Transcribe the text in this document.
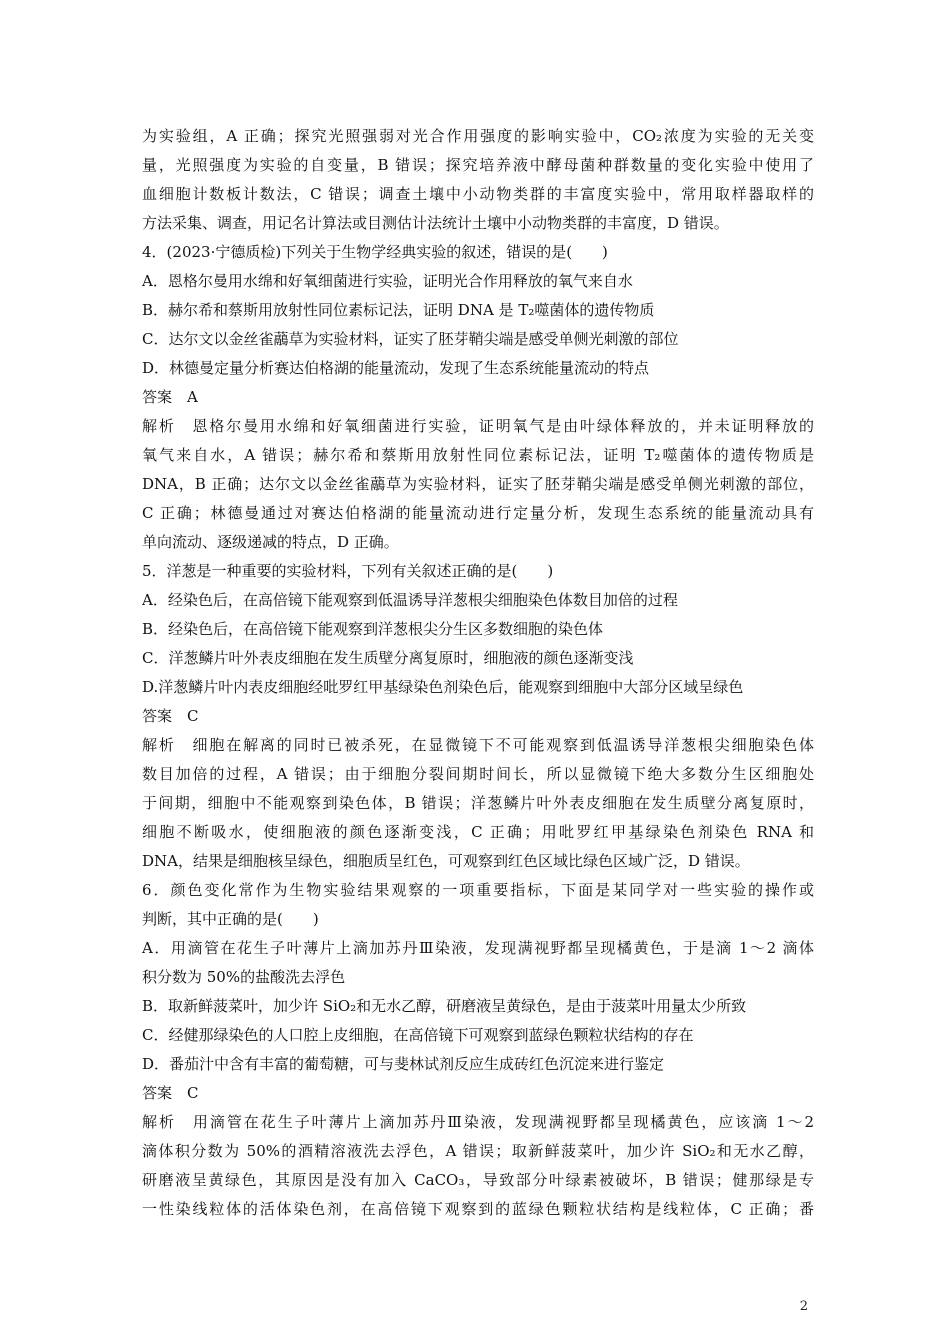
为实验组，A 正确；探究光照强弱对光合作用强度的影响实验中，CO₂浓度为实验的无关变
量，光照强度为实验的自变量，B 错误；探究培养液中酵母菌种群数量的变化实验中使用了
血细胞计数板计数法，C 错误；调查土壤中小动物类群的丰富度实验中，常用取样器取样的
方法采集、调查，用记名计算法或目测估计法统计土壤中小动物类群的丰富度，D 错误。
4．(2023·宁德质检)下列关于生物学经典实验的叙述，错误的是(　　)
A．恩格尔曼用水绵和好氧细菌进行实验，证明光合作用释放的氧气来自水
B．赫尔希和蔡斯用放射性同位素标记法，证明 DNA 是 T₂噬菌体的遗传物质
C．达尔文以金丝雀虉草为实验材料，证实了胚芽鞘尖端是感受单侧光刺激的部位
D．林德曼定量分析赛达伯格湖的能量流动，发现了生态系统能量流动的特点
答案　A
解析　恩格尔曼用水绵和好氧细菌进行实验，证明氧气是由叶绿体释放的，并未证明释放的
氧气来自水，A 错误；赫尔希和蔡斯用放射性同位素标记法，证明 T₂噬菌体的遗传物质是
DNA，B 正确；达尔文以金丝雀虉草为实验材料，证实了胚芽鞘尖端是感受单侧光刺激的部位，
C 正确；林德曼通过对赛达伯格湖的能量流动进行定量分析，发现生态系统的能量流动具有
单向流动、逐级递减的特点，D 正确。
5．洋葱是一种重要的实验材料，下列有关叙述正确的是(　　)
A．经染色后，在高倍镜下能观察到低温诱导洋葱根尖细胞染色体数目加倍的过程
B．经染色后，在高倍镜下能观察到洋葱根尖分生区多数细胞的染色体
C．洋葱鳞片叶外表皮细胞在发生质壁分离复原时，细胞液的颜色逐渐变浅
D.洋葱鳞片叶内表皮细胞经吡罗红甲基绿染色剂染色后，能观察到细胞中大部分区域呈绿色
答案　C
解析　细胞在解离的同时已被杀死，在显微镜下不可能观察到低温诱导洋葱根尖细胞染色体
数目加倍的过程，A 错误；由于细胞分裂间期时间长，所以显微镜下绝大多数分生区细胞处
于间期，细胞中不能观察到染色体，B 错误；洋葱鳞片叶外表皮细胞在发生质壁分离复原时，
细胞不断吸水，使细胞液的颜色逐渐变浅，C 正确；用吡罗红甲基绿染色剂染色 RNA 和
DNA，结果是细胞核呈绿色，细胞质呈红色，可观察到红色区域比绿色区域广泛，D 错误。
6．颜色变化常作为生物实验结果观察的一项重要指标，下面是某同学对一些实验的操作或
判断，其中正确的是(　　)
A．用滴管在花生子叶薄片上滴加苏丹Ⅲ染液，发现满视野都呈现橘黄色，于是滴 1～2 滴体
积分数为 50%的盐酸洗去浮色
B．取新鲜菠菜叶，加少许 SiO₂和无水乙醇，研磨液呈黄绿色，是由于菠菜叶用量太少所致
C．经健那绿染色的人口腔上皮细胞，在高倍镜下可观察到蓝绿色颗粒状结构的存在
D．番茄汁中含有丰富的葡萄糖，可与斐林试剂反应生成砖红色沉淀来进行鉴定
答案　C
解析　用滴管在花生子叶薄片上滴加苏丹Ⅲ染液，发现满视野都呈现橘黄色，应该滴 1～2
滴体积分数为 50%的酒精溶液洗去浮色，A 错误；取新鲜菠菜叶，加少许 SiO₂和无水乙醇，
研磨液呈黄绿色，其原因是没有加入 CaCO₃，导致部分叶绿素被破坏，B 错误；健那绿是专
一性染线粒体的活体染色剂，在高倍镜下观察到的蓝绿色颗粒状结构是线粒体，C 正确；番
2
